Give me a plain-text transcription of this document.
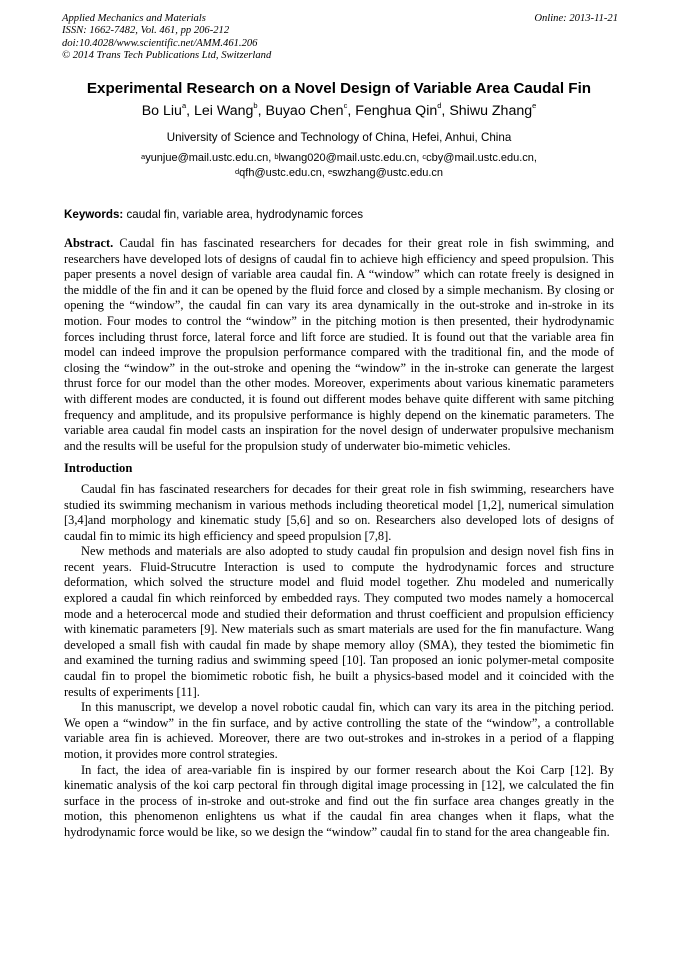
Applied Mechanics and Materials
ISSN: 1662-7482, Vol. 461, pp 206-212
doi:10.4028/www.scientific.net/AMM.461.206
© 2014 Trans Tech Publications Ltd, Switzerland
Online: 2013-11-21
Experimental Research on a Novel Design of Variable Area Caudal Fin
Bo Liu$^a$, Lei Wang$^b$, Buyao Chen$^c$, Fenghua Qin$^d$, Shiwu Zhang$^e$
University of Science and Technology of China, Hefei, Anhui, China
$^a$yunjue@mail.ustc.edu.cn, $^b$lwang020@mail.ustc.edu.cn, $^c$cby@mail.ustc.edu.cn,
$^d$qfh@ustc.edu.cn, $^e$swzhang@ustc.edu.cn
Keywords: caudal fin, variable area, hydrodynamic forces

Abstract. Caudal fin has fascinated researchers for decades for their great role in fish swimming, and researchers have developed lots of designs of caudal fin to achieve high efficiency and speed propulsion. This paper presents a novel design of variable area caudal fin. A “window” which can rotate freely is designed in the middle of the fin and it can be opened by the fluid force and closed by a simple mechanism. By closing or opening the “window”, the caudal fin can vary its area dynamically in the out-stroke and in-stroke in its motion. Four modes to control the “window” in the pitching motion is then presented, their hydrodynamic forces including thrust force, lateral force and lift force are studied. It is found out that the variable area fin model can indeed improve the propulsion performance compared with the traditional fin, and the mode of closing the “window” in the out-stroke and opening the “window” in the in-stroke can generate the largest thrust force for our model than the other modes. Moreover, experiments about various kinematic parameters with different modes are conducted, it is found out different modes behave quite different with same pitching frequency and amplitude, and its propulsive performance is highly depend on the kinematic parameters. The variable area caudal fin model casts an inspiration for the novel design of underwater propulsive mechanism and the results will be useful for the propulsion study of underwater bio-mimetic vehicles.

Introduction

Caudal fin has fascinated researchers for decades for their great role in fish swimming, researchers have studied its swimming mechanism in various methods including theoretical model [1,2], numerical simulation [3,4]and morphology and kinematic study [5,6] and so on. Researchers also developed lots of designs of caudal fin to mimic its high efficiency and speed propulsion [7,8].

New methods and materials are also adopted to study caudal fin propulsion and design novel fish fins in recent years. Fluid-Strucutre Interaction is used to compute the hydrodynamic forces and structure deformation, which solved the structure model and fluid model together. Zhu modeled and numerically explored a caudal fin which reinforced by embedded rays. They computed two modes namely a homocercal mode and a heterocercal mode and studied their deformation and thrust coefficient and propulsion efficiency with kinematic parameters [9]. New materials such as smart materials are used for the fin manufacture. Wang developed a small fish with caudal fin made by shape memory alloy (SMA), they tested the biomimetic fin and examined the turning radius and swimming speed [10]. Tan proposed an ionic polymer-metal composite caudal fin to propel the biomimetic robotic fish, he built a physics-based model and it coincided with the results of experiments [11].

In this manuscript, we develop a novel robotic caudal fin, which can vary its area in the pitching period. We open a “window” in the fin surface, and by active controlling the state of the “window”, a controllable variable area fin is achieved. Moreover, there are two out-strokes and in-strokes in a period of a flapping motion, it provides more control strategies.

In fact, the idea of area-variable fin is inspired by our former research about the Koi Carp [12]. By kinematic analysis of the koi carp pectoral fin through digital image processing in [12], we calculated the fin surface in the process of in-stroke and out-stroke and find out the fin surface area changes greatly in the motion, this phenomenon enlightens us what if the caudal fin area changes when it flaps, what the hydrodynamic force would be like, so we design the “window” caudal fin to stand for the area changeable fin.
